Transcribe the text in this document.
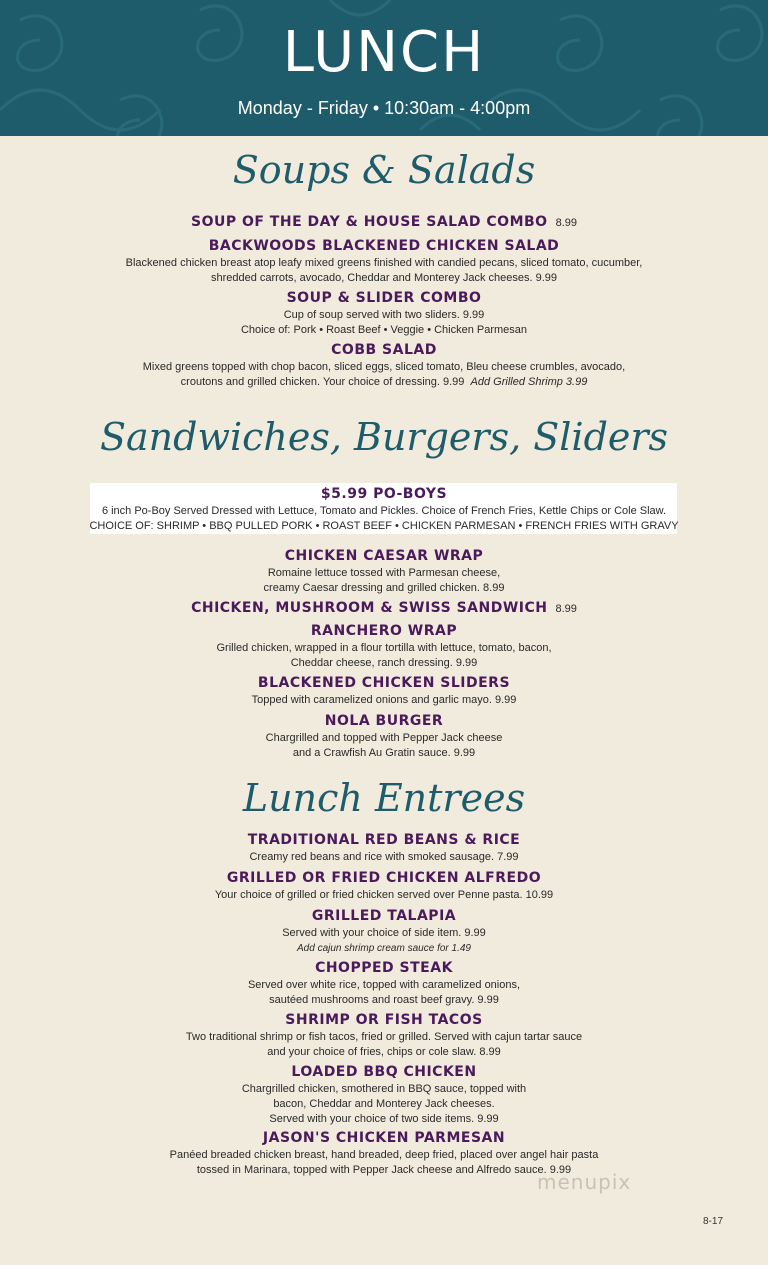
LUNCH
Monday - Friday • 10:30am - 4:00pm
Soups & Salads
SOUP OF THE DAY & HOUSE SALAD COMBO 8.99
BACKWOODS BLACKENED CHICKEN SALAD
Blackened chicken breast atop leafy mixed greens finished with candied pecans, sliced tomato, cucumber,
shredded carrots, avocado, Cheddar and Monterey Jack cheeses. 9.99
SOUP & SLIDER COMBO
Cup of soup served with two sliders. 9.99
Choice of: Pork • Roast Beef • Veggie • Chicken Parmesan
COBB SALAD
Mixed greens topped with chop bacon, sliced eggs, sliced tomato, Bleu cheese crumbles, avocado,
croutons and grilled chicken. Your choice of dressing. 9.99 Add Grilled Shrimp 3.99
Sandwiches, Burgers, Sliders
$5.99 PO-BOYS
6 inch Po-Boy Served Dressed with Lettuce, Tomato and Pickles. Choice of French Fries, Kettle Chips or Cole Slaw.
CHOICE OF: SHRIMP • BBQ PULLED PORK • ROAST BEEF • CHICKEN PARMESAN • FRENCH FRIES WITH GRAVY
CHICKEN CAESAR WRAP
Romaine lettuce tossed with Parmesan cheese,
creamy Caesar dressing and grilled chicken. 8.99
CHICKEN, MUSHROOM & SWISS SANDWICH 8.99
RANCHERO WRAP
Grilled chicken, wrapped in a flour tortilla with lettuce, tomato, bacon,
Cheddar cheese, ranch dressing. 9.99
BLACKENED CHICKEN SLIDERS
Topped with caramelized onions and garlic mayo. 9.99
NOLA BURGER
Chargrilled and topped with Pepper Jack cheese
and a Crawfish Au Gratin sauce. 9.99
Lunch Entrees
TRADITIONAL RED BEANS & RICE
Creamy red beans and rice with smoked sausage. 7.99
GRILLED OR FRIED CHICKEN ALFREDO
Your choice of grilled or fried chicken served over Penne pasta. 10.99
GRILLED TALAPIA
Served with your choice of side item. 9.99
Add cajun shrimp cream sauce for 1.49
CHOPPED STEAK
Served over white rice, topped with caramelized onions,
sautéed mushrooms and roast beef gravy. 9.99
SHRIMP OR FISH TACOS
Two traditional shrimp or fish tacos, fried or grilled. Served with cajun tartar sauce
and your choice of fries, chips or cole slaw. 8.99
LOADED BBQ CHICKEN
Chargrilled chicken, smothered in BBQ sauce, topped with
bacon, Cheddar and Monterey Jack cheeses.
Served with your choice of two side items. 9.99
JASON'S CHICKEN PARMESAN
Panéed breaded chicken breast, hand breaded, deep fried, placed over angel hair pasta
tossed in Marinara, topped with Pepper Jack cheese and Alfredo sauce. 9.99
menupix
8-17
